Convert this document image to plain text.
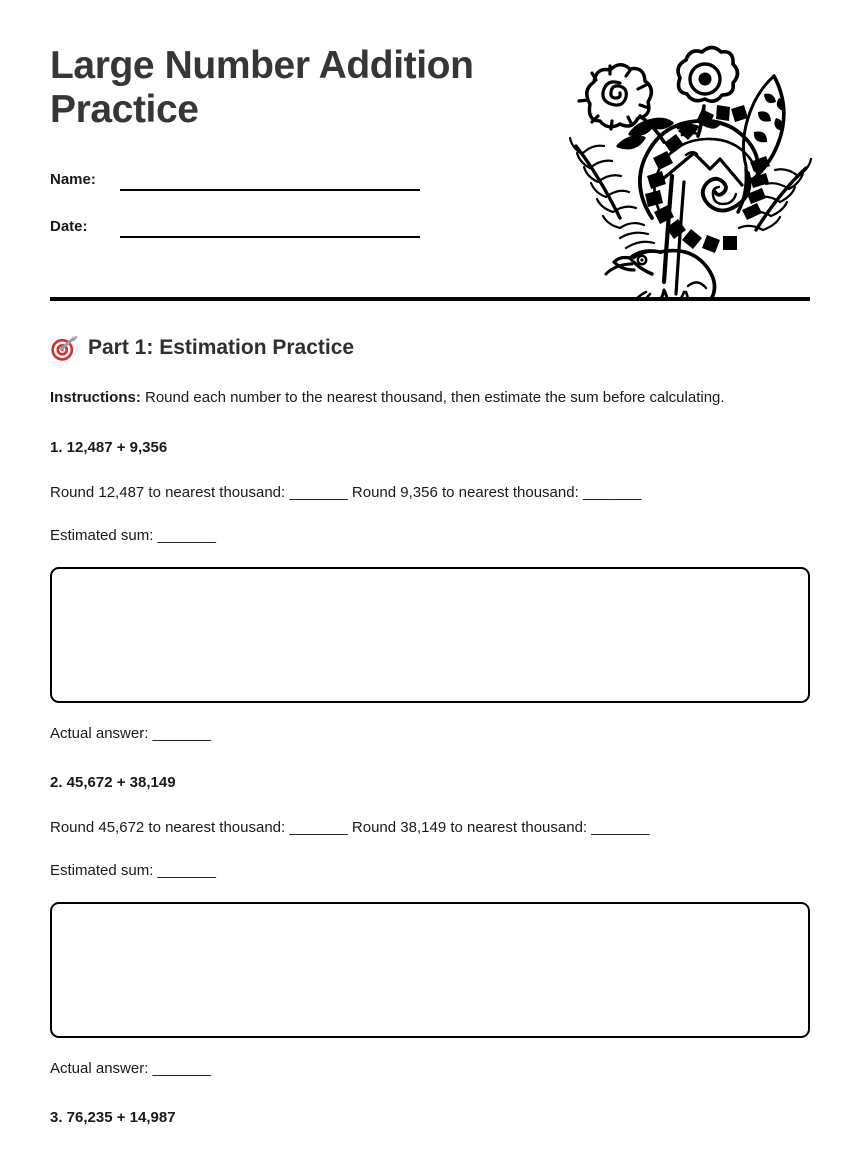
Large Number Addition Practice
Name:
Date:
Part 1: Estimation Practice

Instructions: Round each number to the nearest thousand, then estimate the sum before calculating.

1. 12,487 + 9,356
Round 12,487 to nearest thousand: _______ Round 9,356 to nearest thousand: _______
Estimated sum: _______
Actual answer: _______
2. 45,672 + 38,149
Round 45,672 to nearest thousand: _______ Round 38,149 to nearest thousand: _______
Estimated sum: _______
Actual answer: _______
3. 76,235 + 14,987
